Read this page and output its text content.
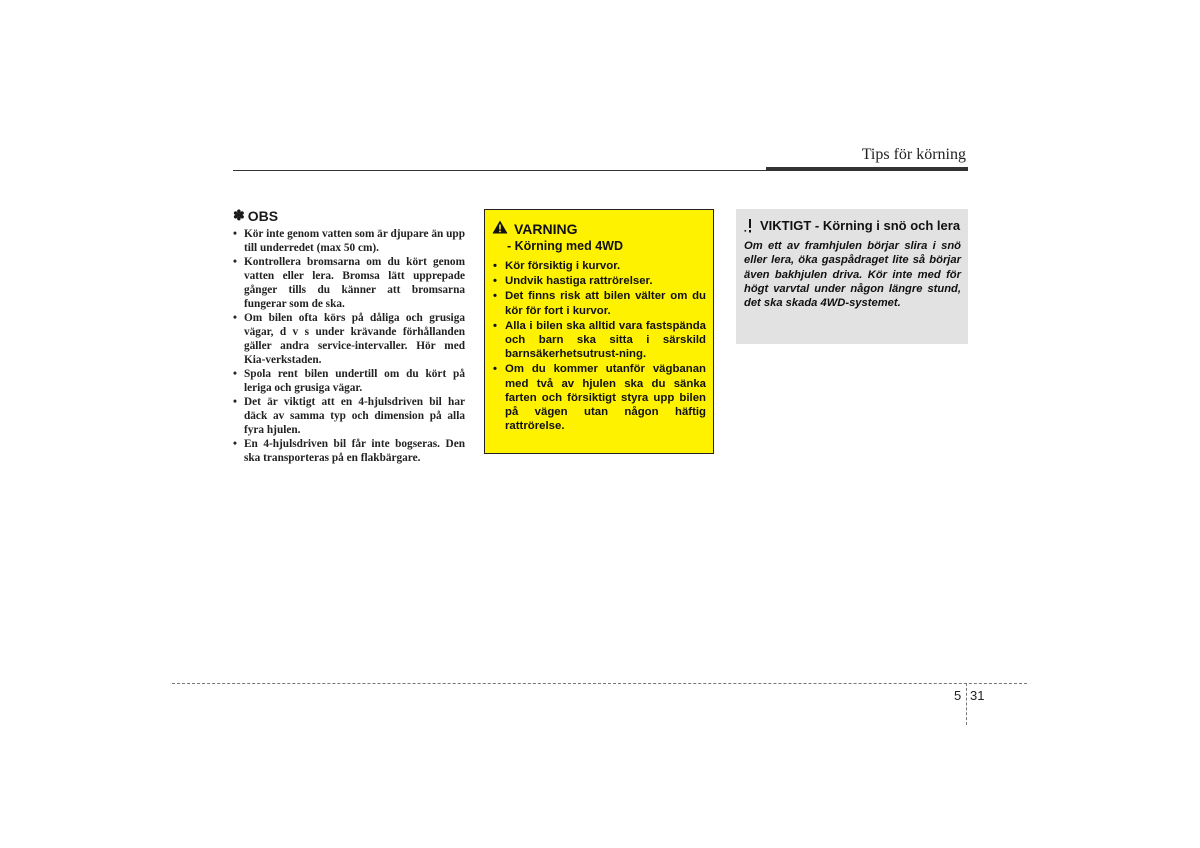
Tips för körning
✽ OBS
• Kör inte genom vatten som är djupare än upp till underredet (max 50 cm).
• Kontrollera bromsarna om du kört genom vatten eller lera. Bromsa lätt upprepade gånger tills du känner att bromsarna fungerar som de ska.
• Om bilen ofta körs på dåliga och grusiga vägar, d v s under krävande förhållanden gäller andra service-intervaller. Hör med Kia-verkstaden.
• Spola rent bilen undertill om du kört på leriga och grusiga vägar.
• Det är viktigt att en 4-hjulsdriven bil har däck av samma typ och dimension på alla fyra hjulen.
• En 4-hjulsdriven bil får inte bogseras. Den ska transporteras på en flakbärgare.
VARNING
- Körning med 4WD
• Kör försiktig i kurvor.
• Undvik hastiga rattrörelser.
• Det finns risk att bilen välter om du kör för fort i kurvor.
• Alla i bilen ska alltid vara fastspända och barn ska sitta i särskild barnsäkerhetsutrust-ning.
• Om du kommer utanför vägbanan med två av hjulen ska du sänka farten och försiktigt styra upp bilen på vägen utan någon häftig rattrörelse.
VIKTIGT - Körning i snö och lera
Om ett av framhjulen börjar slira i snö eller lera, öka gaspådraget lite så börjar även bakhjulen driva. Kör inte med för högt varvtal under någon längre stund, det ska skada 4WD-systemet.
5 31
